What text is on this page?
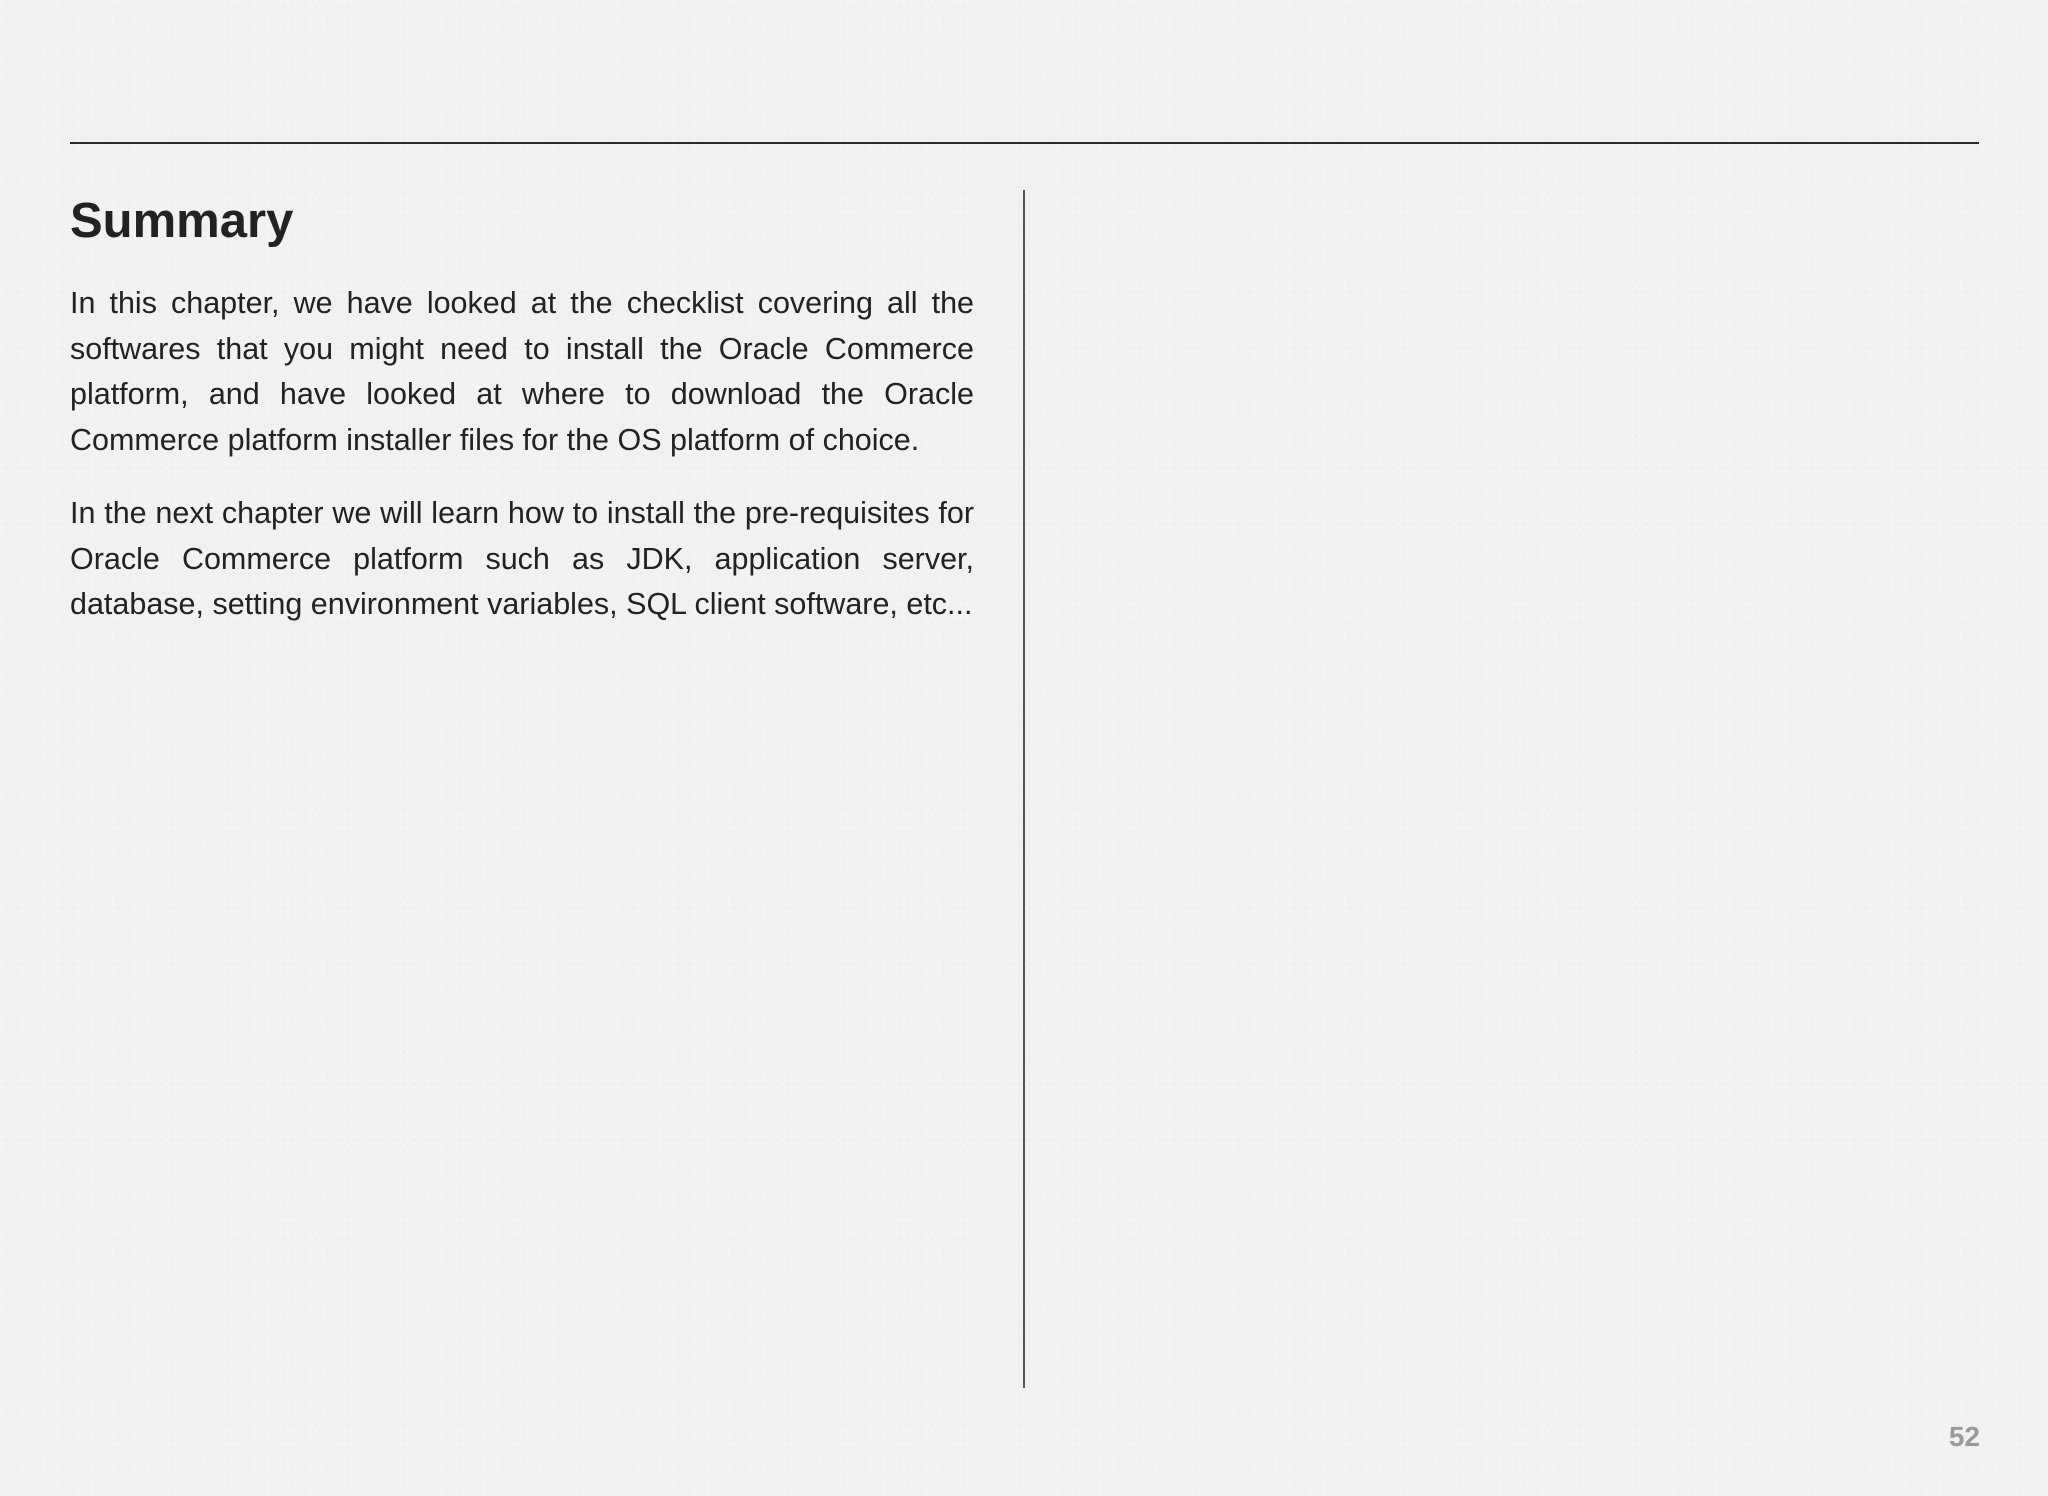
Summary

In this chapter, we have looked at the checklist covering all the softwares that you might need to install the Oracle Commerce platform, and have looked at where to download the Oracle Commerce platform installer files for the OS platform of choice.

In the next chapter we will learn how to install the pre-requisites for Oracle Commerce platform such as JDK, application server, database, setting environment variables, SQL client software, etc...

52
